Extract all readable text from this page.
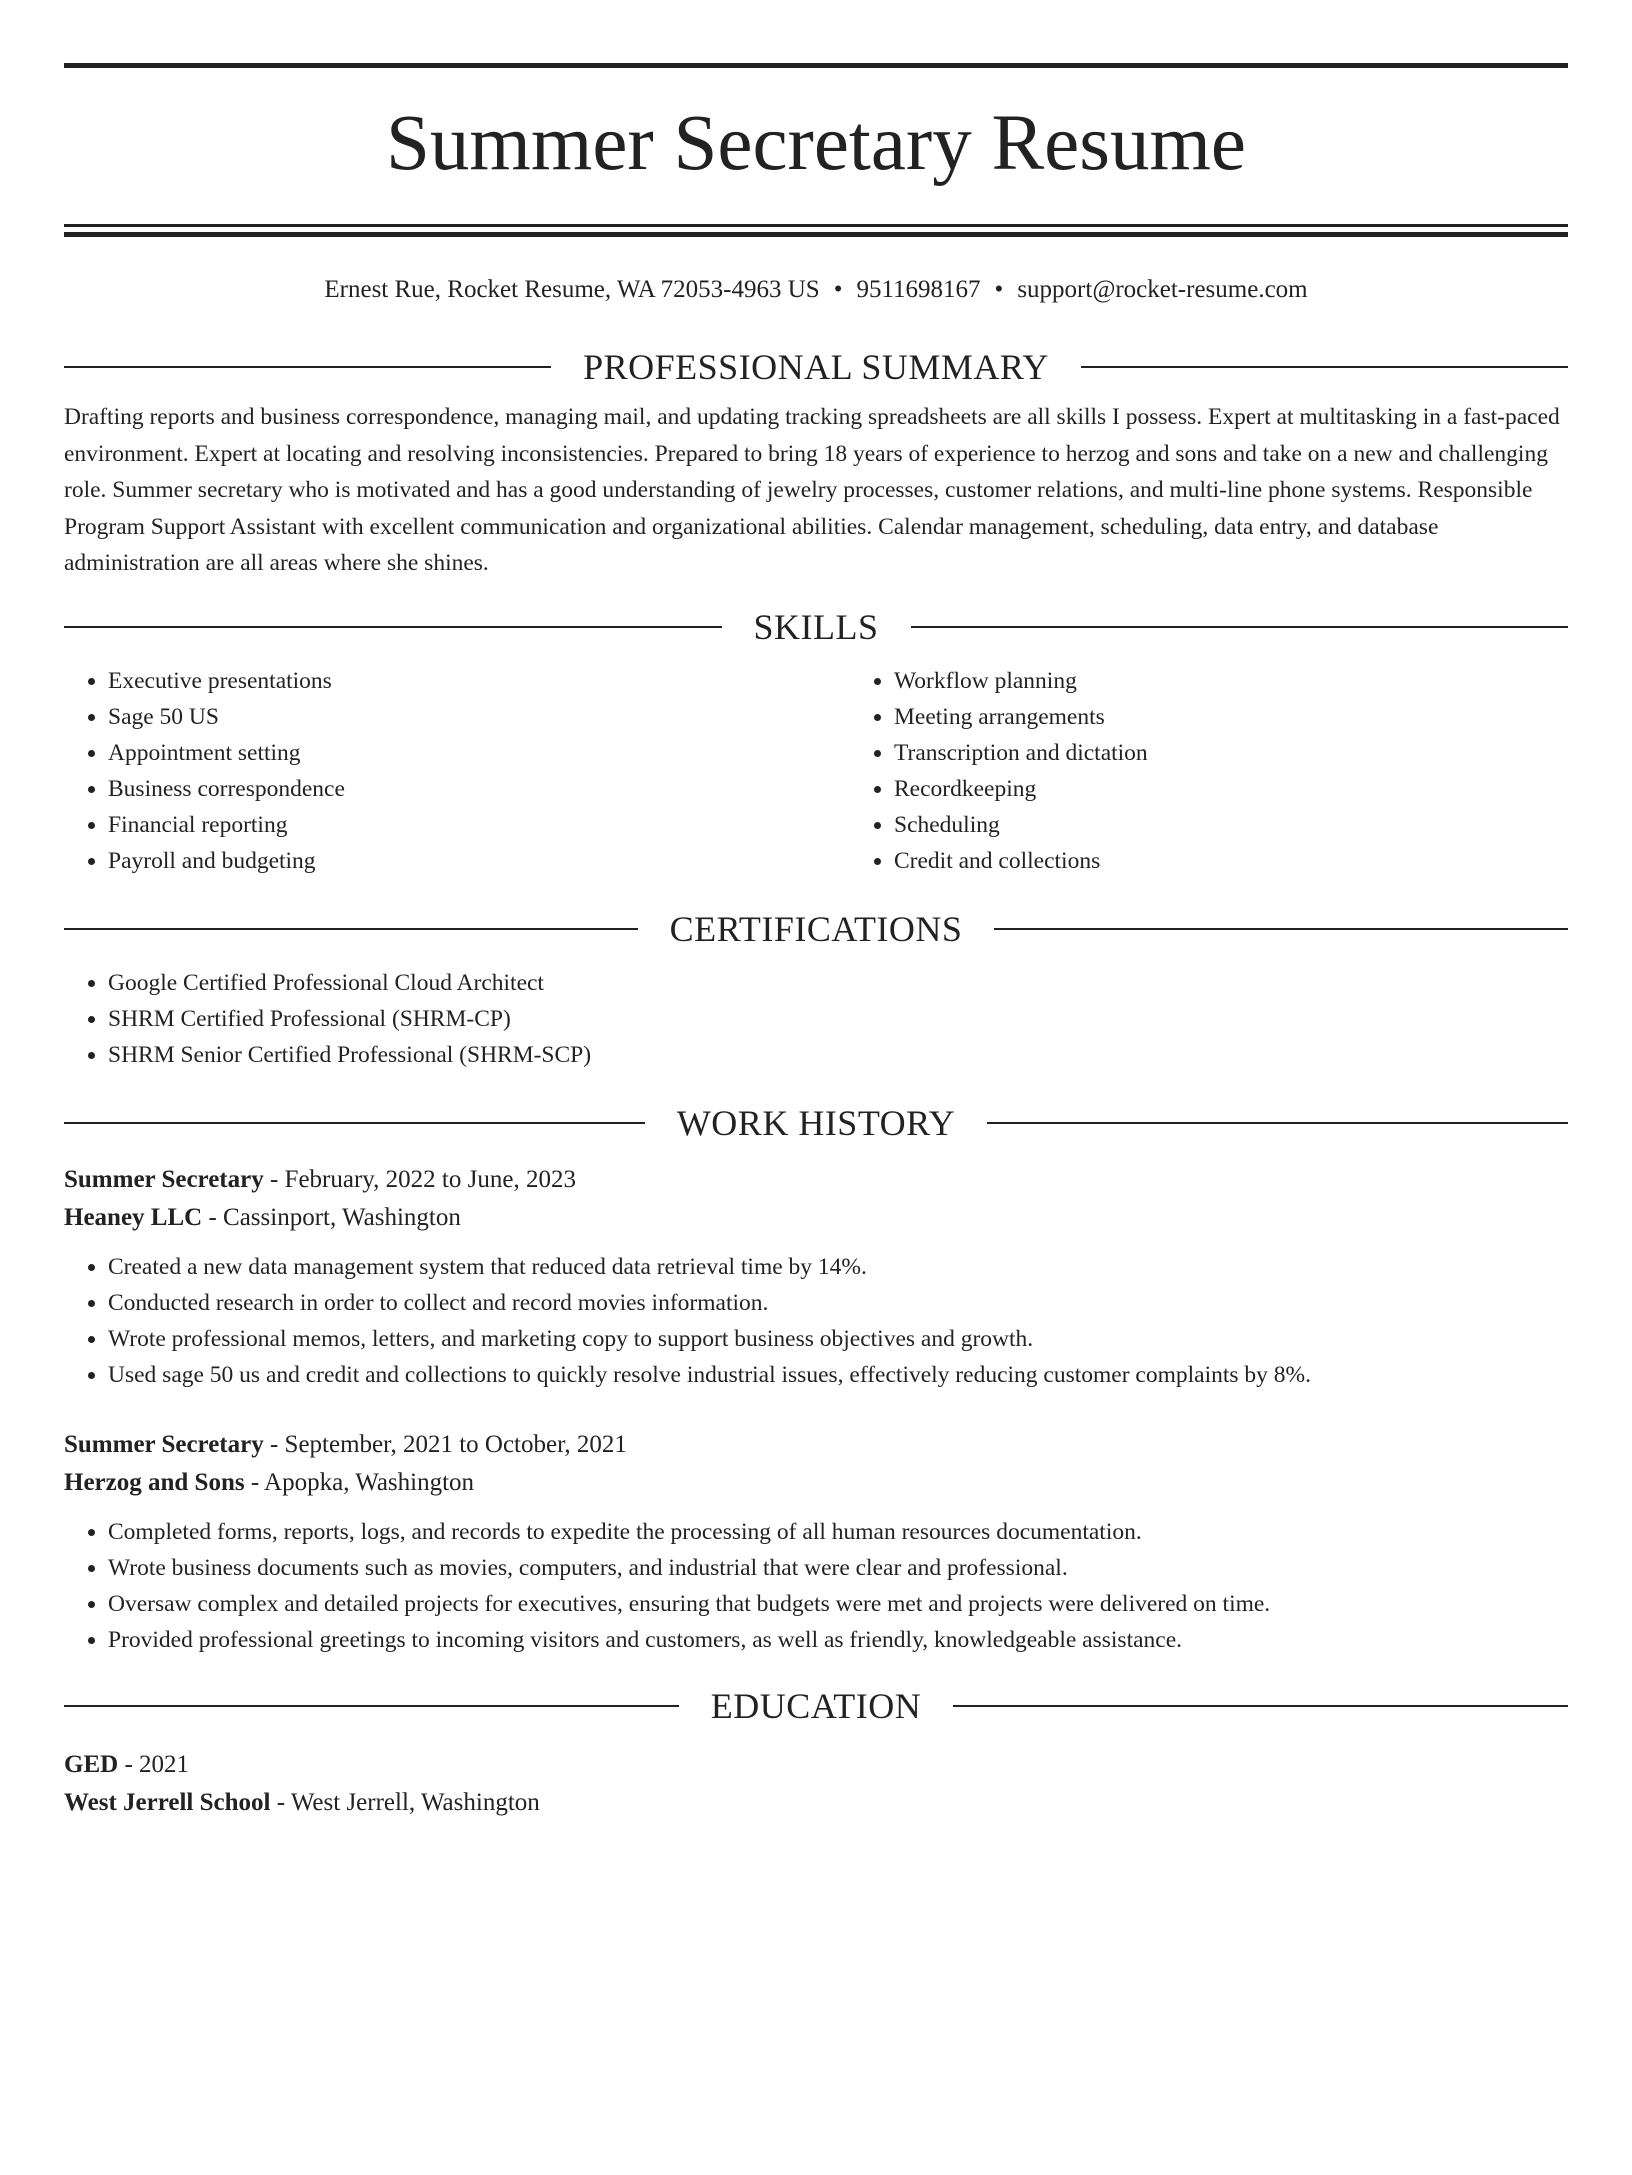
Summer Secretary Resume
Ernest Rue, Rocket Resume, WA 72053-4963 US • 9511698167 • support@rocket-resume.com
PROFESSIONAL SUMMARY

Drafting reports and business correspondence, managing mail, and updating tracking spreadsheets are all skills I possess. Expert at multitasking in a fast-paced environment. Expert at locating and resolving inconsistencies. Prepared to bring 18 years of experience to herzog and sons and take on a new and challenging role. Summer secretary who is motivated and has a good understanding of jewelry processes, customer relations, and multi-line phone systems. Responsible Program Support Assistant with excellent communication and organizational abilities. Calendar management, scheduling, data entry, and database administration are all areas where she shines.

SKILLS
• Executive presentations
• Sage 50 US
• Appointment setting
• Business correspondence
• Financial reporting
• Payroll and budgeting
• Workflow planning
• Meeting arrangements
• Transcription and dictation
• Recordkeeping
• Scheduling
• Credit and collections
CERTIFICATIONS
• Google Certified Professional Cloud Architect
• SHRM Certified Professional (SHRM-CP)
• SHRM Senior Certified Professional (SHRM-SCP)
WORK HISTORY
Summer Secretary - February, 2022 to June, 2023
Heaney LLC - Cassinport, Washington
• Created a new data management system that reduced data retrieval time by 14%.
• Conducted research in order to collect and record movies information.
• Wrote professional memos, letters, and marketing copy to support business objectives and growth.
• Used sage 50 us and credit and collections to quickly resolve industrial issues, effectively reducing customer complaints by 8%.
Summer Secretary - September, 2021 to October, 2021
Herzog and Sons - Apopka, Washington
• Completed forms, reports, logs, and records to expedite the processing of all human resources documentation.
• Wrote business documents such as movies, computers, and industrial that were clear and professional.
• Oversaw complex and detailed projects for executives, ensuring that budgets were met and projects were delivered on time.
• Provided professional greetings to incoming visitors and customers, as well as friendly, knowledgeable assistance.
EDUCATION
GED - 2021
West Jerrell School - West Jerrell, Washington
